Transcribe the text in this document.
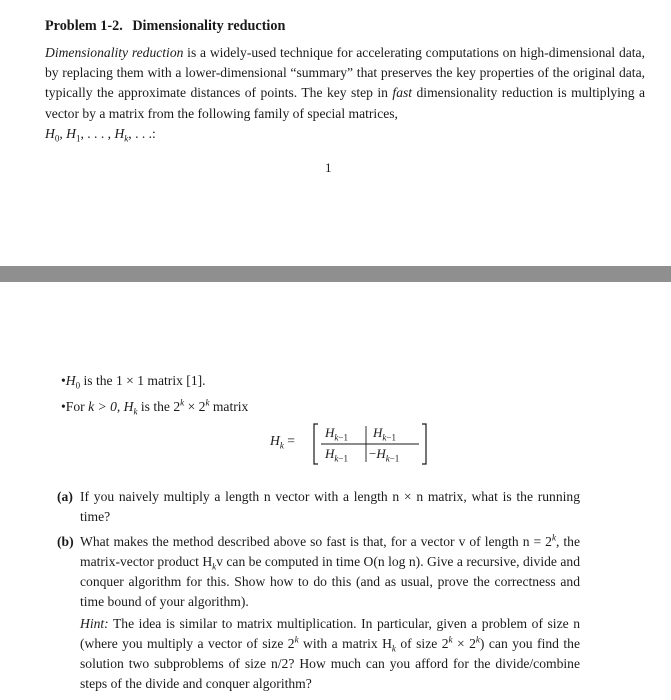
Problem 1-2. Dimensionality reduction
Dimensionality reduction is a widely-used technique for accelerating computations on high-dimensional data, by replacing them with a lower-dimensional “summary” that preserves the key properties of the original data, typically the approximate distances of points. The key step in fast dimensionality reduction is multiplying a vector by a matrix from the following family of special matrices,
$H_0$, $H_1$, . . . , $H_k$, . . .:
1
$•H_0$ is the 1 × 1 matrix [1].
•For k > 0, $H_k$ is the $2^k \times 2^k$ matrix
$H_k$ =
$H_{k-1}$ $H_{k-1}$
$H_{k-1} -H_{k-1}$
(a) If you naively multiply a length n vector with a length n × n matrix, what is the running time?
(b) What makes the method described above so fast is that, for a vector v of length $n = 2^k$, the matrix-vector product $H_kv$ can be computed in time O(n log n). Give a recursive, divide and conquer algorithm for this. Show how to do this (and as usual, prove the correctness and time bound of your algorithm).
Hint: The idea is similar to matrix multiplication. In particular, given a problem of size n (where you multiply a vector of size 2$^k$ with a matrix $H_k$ of size $2^k \times 2^k$) can you find the solution two subproblems of size n/2? How much can you afford for the divide/combine steps of the divide and conquer algorithm?
